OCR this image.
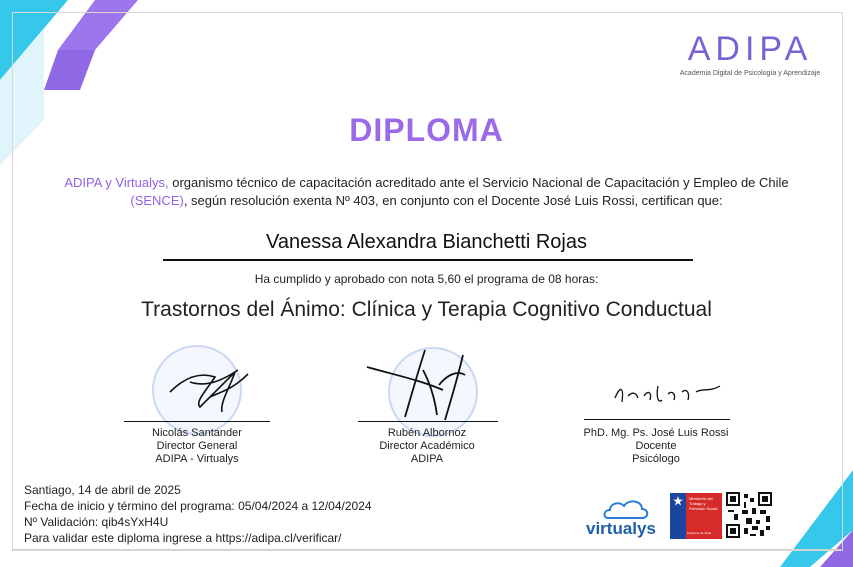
ADIPA
Academia Digital de Psicología y Aprendizaje
DIPLOMA
ADIPA y Virtualys, organismo técnico de capacitación acreditado ante el Servicio Nacional de Capacitación y Empleo de Chile (SENCE), según resolución exenta Nº 403, en conjunto con el Docente José Luis Rossi, certifican que:
Vanessa Alexandra Bianchetti Rojas
Ha cumplido y aprobado con nota 5,60 el programa de 08 horas:
Trastornos del Ánimo: Clínica y Terapia Cognitivo Conductual
Nicolás Santander
Director General
ADIPA - Virtualys
Rubén Albornoz
Director Académico
ADIPA
PhD. Mg. Ps. José Luis Rossi
Docente
Psicólogo
Santiago, 14 de abril de 2025
Fecha de inicio y término del programa: 05/04/2024 a 12/04/2024
Nº Validación: qib4sYxH4U
Para validar este diploma ingrese a https://adipa.cl/verificar/	virtualys
Ministerio del Trabajo y Previsión Social
Gobierno de Chile
